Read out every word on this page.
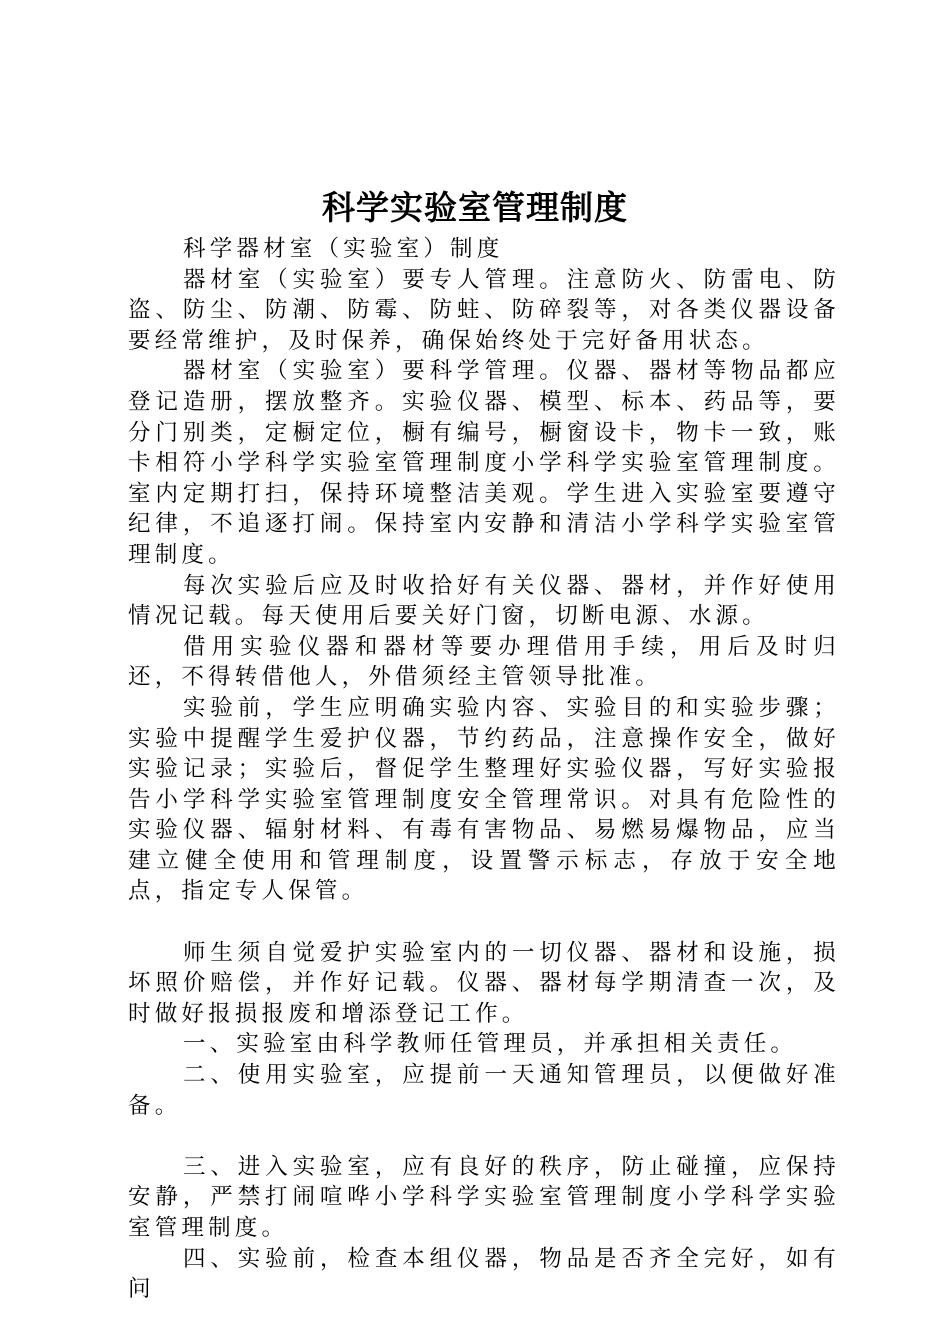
科学实验室管理制度

科学器材室（实验室）制度

器材室（实验室）要专人管理。注意防火、防雷电、防盗、防尘、防潮、防霉、防蛀、防碎裂等，对各类仪器设备要经常维护，及时保养，确保始终处于完好备用状态。

器材室（实验室）要科学管理。仪器、器材等物品都应登记造册，摆放整齐。实验仪器、模型、标本、药品等，要分门别类，定橱定位，橱有编号，橱窗设卡，物卡一致，账卡相符小学科学实验室管理制度小学科学实验室管理制度。室内定期打扫，保持环境整洁美观。学生进入实验室要遵守纪律，不追逐打闹。保持室内安静和清洁小学科学实验室管理制度。

每次实验后应及时收拾好有关仪器、器材，并作好使用情况记载。每天使用后要关好门窗，切断电源、水源。

借用实验仪器和器材等要办理借用手续，用后及时归还，不得转借他人，外借须经主管领导批准。

实验前，学生应明确实验内容、实验目的和实验步骤；实验中提醒学生爱护仪器，节约药品，注意操作安全，做好实验记录；实验后，督促学生整理好实验仪器，写好实验报告小学科学实验室管理制度安全管理常识。对具有危险性的实验仪器、辐射材料、有毒有害物品、易燃易爆物品，应当建立健全使用和管理制度，设置警示标志，存放于安全地点，指定专人保管。

师生须自觉爱护实验室内的一切仪器、器材和设施，损坏照价赔偿，并作好记载。仪器、器材每学期清查一次，及时做好报损报废和增添登记工作。

一、实验室由科学教师任管理员，并承担相关责任。

二、使用实验室，应提前一天通知管理员，以便做好准备。

三、进入实验室，应有良好的秩序，防止碰撞，应保持安静，严禁打闹喧哗小学科学实验室管理制度小学科学实验室管理制度。

四、实验前，检查本组仪器，物品是否齐全完好，如有问
